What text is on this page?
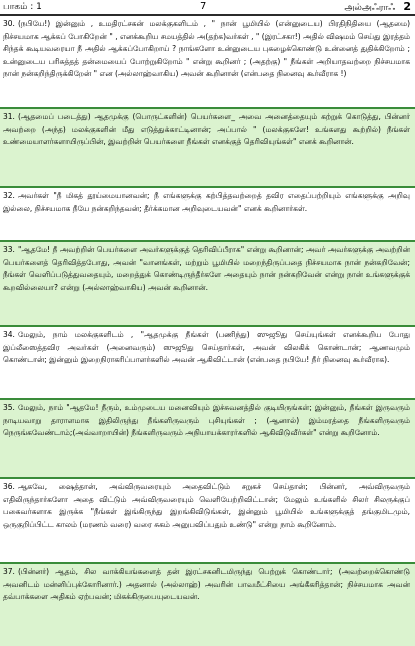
பாகம் : 1	7	அல்அஃராஃ 2
30. (நபியே!) இன்னும் , உமதிரட்சகன் மலக்குகளிடம் , " நான் பூமியில் (என்னுடைய) பிரதிநிதியை (ஆதமை) நிச்சயமாக ஆக்கப் போகிறேன் " , எனக்கூறிய சமயத்தில் அ(தற்க)வர்கள் , " (இரட்சகா!) அதில் விஷமம் செய்து இரத்தம் சிந்தக் கூடியவரையா நீ அதில் ஆக்கப்போகிறாய் ? நாங்களோ உன்னுடைய புகழைக்கொண்டு உன்னைத் துதிக்கிறோம் ; உன்னுடைய பரிசுத்தத் தன்மையைப் போற்றுகிறோம் " என்று கூறினர் ; (அதற்கு) " நீங்கள் அறியாதவற்றை நிச்சயமாக நான் நன்கறிந்திருக்கிறேன் " என (அல்லாஹ்வாகிய) அவன் கூறினான் (என்பதை நினைவு கூர்வீராக !)
31. (ஆதமைப் படைத்து) ஆதமுக்கு (பொருட்களின்) பெயர்களை_ அவை அனைத்தையும் கற்றுக் கொடுத்து, பின்னர் அவற்றை (அந்த) மலக்குகளின் மீது எடுத்துக்காட்டினான்; அப்பால் " (மலக்குகளே! உங்களது கூற்றில்) நீங்கள் உண்மையாளர்களாயிருப்பின், இவற்றின் பெயர்களை நீங்கள் எனக்குத் தெரிவியுங்கள்" எனக் கூறினான்.
32. அவர்கள் "நீ மிகத் தூய்மையானவன்; நீ எங்களுக்கு கற்பித்தவற்றைத் தவிர எதைப்பற்றியும் எங்களுக்கு அறிவு இல்லை, நிச்சயமாக நீயே நன்கறிந்தவன்; தீர்க்கமான அறிவுடையவன்" எனக் கூறினார்கள்.
33. "ஆதமே! நீ அவற்றின் பெயர்களை அவர்களுக்குத் தெரிவிப்பீராக" என்று கூறினான்; அவர் அவர்களுக்கு அவற்றின் பெயர்களைத் தெரிவித்தபோது, அவன் "வானங்கள், மற்றும் பூமியில் மறைந்திருப்பதை நிச்சயமாக நான் நன்கறிவேன்; நீங்கள் வெளிப்படுத்துவதையும், மறைத்துக் கொண்டிருந்தீர்களே அதையும் நான் நன்கறிவேன் என்று நான் உங்களுக்குக் கூறவில்லையா? என்று (அல்லாஹ்வாகிய) அவன் கூறினான்.
34. மேலும், நாம் மலக்குகளிடம் , "ஆதமுக்கு நீங்கள் (பணிந்து) ஸுஜூது செய்யுங்கள் எனக்கூறிய போது இப்லீஸைத்தவிர அவர்கள் (அனைவரும்) ஸுஜூது செய்தார்கள், அவன் விலகிக் கொண்டான்; ஆணவமும் கொண்டான்; இன்னும் இறைநிராகரிப்பாளர்களில் அவன் ஆகிவிட்டான் (என்பதை நபியே! நீர் நினைவு கூர்வீராக).
35. மேலும், நாம் "ஆதமே! நீரும், உம்முடைய மனைவியும் இச்சுவனத்தில் குடியிருங்கள்; இன்னும், நீங்கள் இருவரும் நாடியவாறு தாராளமாக இதிலிருந்து நீங்களிருவரும் புசியுங்கள் ; (ஆனால்) இம்மரத்தை நீங்களிருவரும் நெருங்கவேண்டாம்;(அவ்வாறாயின்) நீங்களிருவரும் அநியாயக்காரர்களில் ஆகிவிடுவீர்கள்" என்று கூறினோம்.
36. ஆகவே, ஷைத்தான், அவ்விருவரையும் அதைவிட்டும் சறுகச் செய்தான்; பின்னர், அவ்விருவரும் எதிலிருந்தார்களோ அதை விட்டும் அவ்விருவரையும் வெளியேற்றிவிட்டான்; மேலும் உங்களில் சிலர் சிலருக்குப் பகைவர்களாக இருக்க "நீங்கள் இங்கிருந்து இறங்கிவிடுங்கள், இன்னும் பூமியில் உங்களுக்குத் தங்குமிடமும், ஒருகுறிப்பிட்ட காலம் (மரணம் வரை) வரை சுகம் அனுபவிப்பதும் உண்டு" என்று நாம் கூறினோம்.
37. (பின்னர்) ஆதம், சில வாக்கியங்களைத் தன் இரட்சகனிடமிருந்து பெற்றுக் கொண்டார்; (அவற்றைக்கொண்டு அவனிடம் மன்னிப்புக்கோரினார்.) அதனால் (அல்லாஹ்) அவரின் பாவமீட்சியை அங்கீகரித்தான்; நிச்சயமாக அவன் தவ்பாக்களை அதிகம் ஏற்பவன்; மிகக்கிருபையுடையவன்.
